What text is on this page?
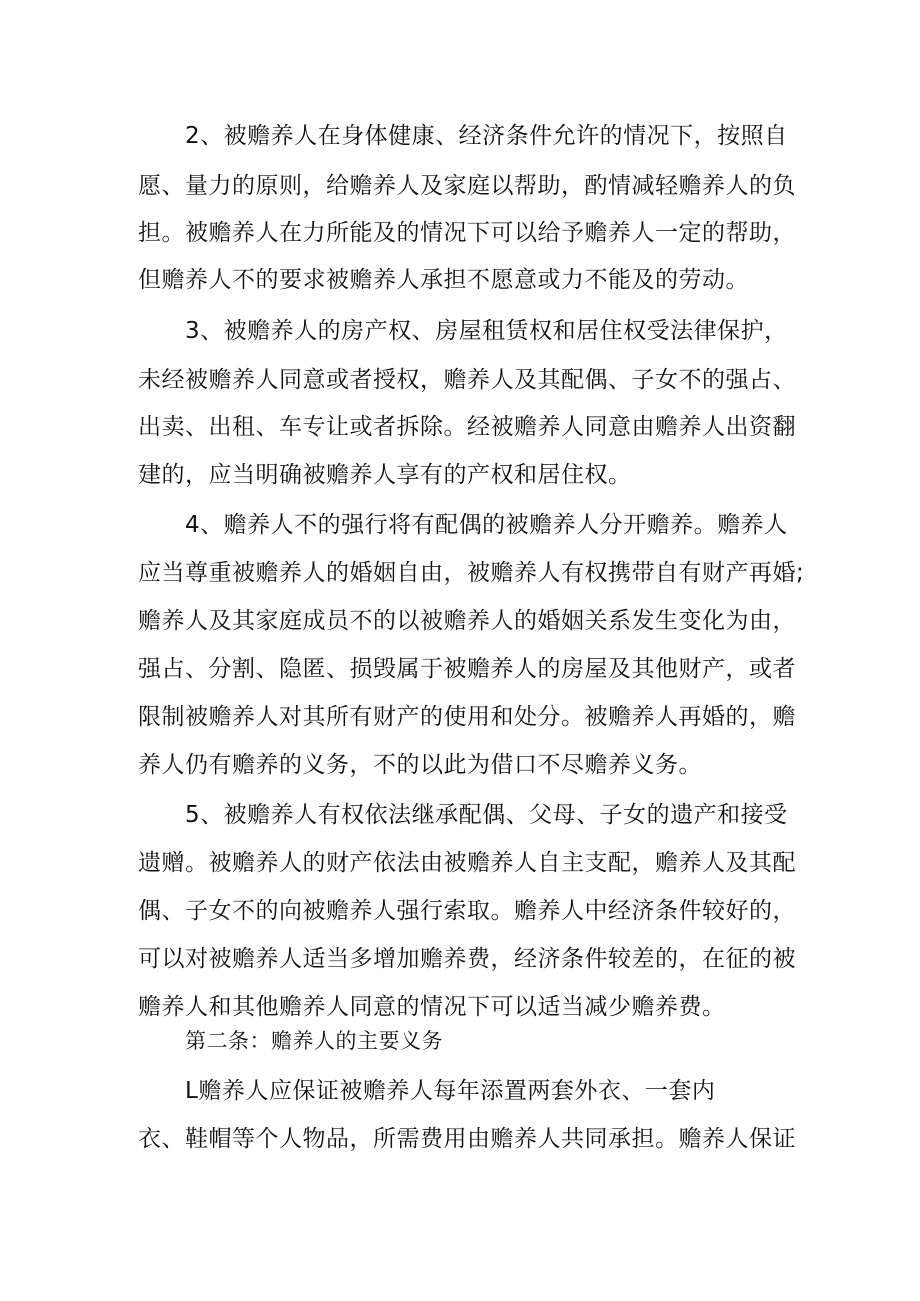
2、被赡养人在身体健康、经济条件允许的情况下，按照自
愿、量力的原则，给赡养人及家庭以帮助，酌情减轻赡养人的负
担。被赡养人在力所能及的情况下可以给予赡养人一定的帮助，
但赡养人不的要求被赡养人承担不愿意或力不能及的劳动。
3、被赡养人的房产权、房屋租赁权和居住权受法律保护，
未经被赡养人同意或者授权，赡养人及其配偶、子女不的强占、
出卖、出租、车专让或者拆除。经被赡养人同意由赡养人出资翻
建的，应当明确被赡养人享有的产权和居住权。
4、赡养人不的强行将有配偶的被赡养人分开赡养。赡养人
应当尊重被赡养人的婚姻自由，被赡养人有权携带自有财产再婚;
赡养人及其家庭成员不的以被赡养人的婚姻关系发生变化为由，
强占、分割、隐匿、损毁属于被赡养人的房屋及其他财产，或者
限制被赡养人对其所有财产的使用和处分。被赡养人再婚的，赡
养人仍有赡养的义务，不的以此为借口不尽赡养义务。
5、被赡养人有权依法继承配偶、父母、子女的遗产和接受
遗赠。被赡养人的财产依法由被赡养人自主支配，赡养人及其配
偶、子女不的向被赡养人强行索取。赡养人中经济条件较好的，
可以对被赡养人适当多增加赡养费，经济条件较差的，在征的被
赡养人和其他赡养人同意的情况下可以适当减少赡养费。
第二条：赡养人的主要义务
L赡养人应保证被赡养人每年添置两套外衣、一套内
衣、鞋帽等个人物品，所需费用由赡养人共同承担。赡养人保证
